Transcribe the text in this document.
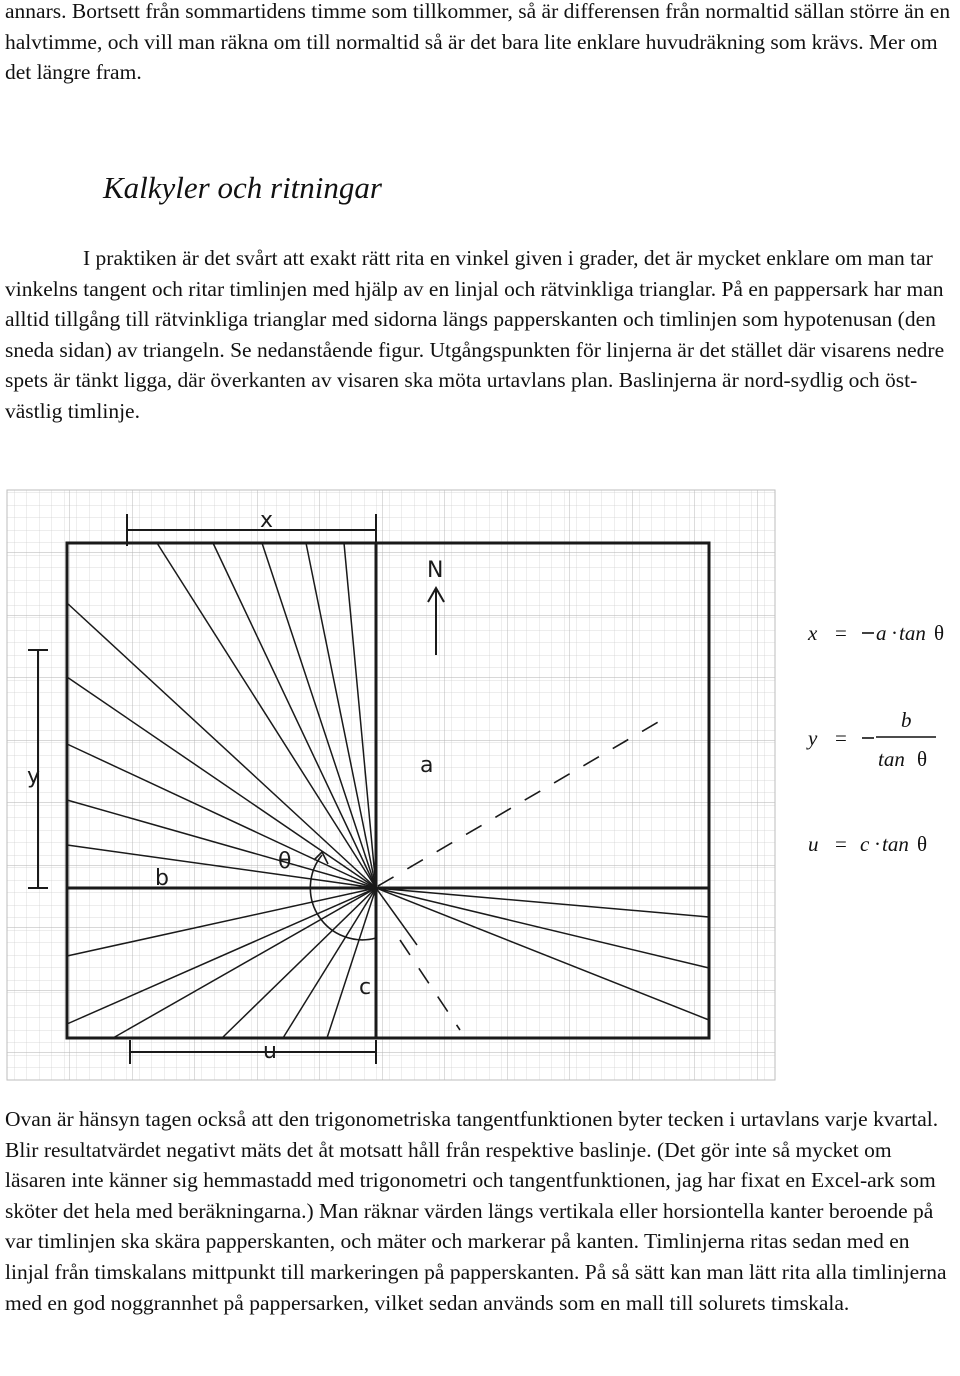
annars. Bortsett från sommartidens timme som tillkommer, så är differensen från normaltid sällan större än en halvtimme, och vill man räkna om till normaltid så är det bara lite enklare huvudräkning som krävs. Mer om det längre fram.

Kalkyler och ritningar

I praktiken är det svårt att exakt rätt rita en vinkel given i grader, det är mycket enklare om man tar vinkelns tangent och ritar timlinjen med hjälp av en linjal och rätvinkliga trianglar. På en pappersark har man alltid tillgång till rätvinkliga trianglar med sidorna längs papperskanten och timlinjen som hypotenusan (den sneda sidan) av triangeln. Se nedanstående figur. Utgångspunkten för linjerna är det stället där visarens nedre spets är tänkt ligga, där överkanten av visaren ska möta urtavlans plan. Baslinjerna är nord-sydlig och öst-västlig timlinje.

x
y
N
a
b
c
u
θ
x = a · tan θ
y =
b
tan θ
u = c · tan θ

Ovan är hänsyn tagen också att den trigonometriska tangentfunktionen byter tecken i urtavlans varje kvartal. Blir resultatvärdet negativt mäts det åt motsatt håll från respektive baslinje. (Det gör inte så mycket om läsaren inte känner sig hemmastadd med trigonometri och tangentfunktionen, jag har fixat en Excel-ark som sköter det hela med beräkningarna.) Man räknar värden längs vertikala eller horsiontella kanter beroende på var timlinjen ska skära papperskanten, och mäter och markerar på kanten. Timlinjerna ritas sedan med en linjal från timskalans mittpunkt till markeringen på papperskanten. På så sätt kan man lätt rita alla timlinjerna med en god noggrannhet på pappersarken, vilket sedan används som en mall till solurets timskala.
